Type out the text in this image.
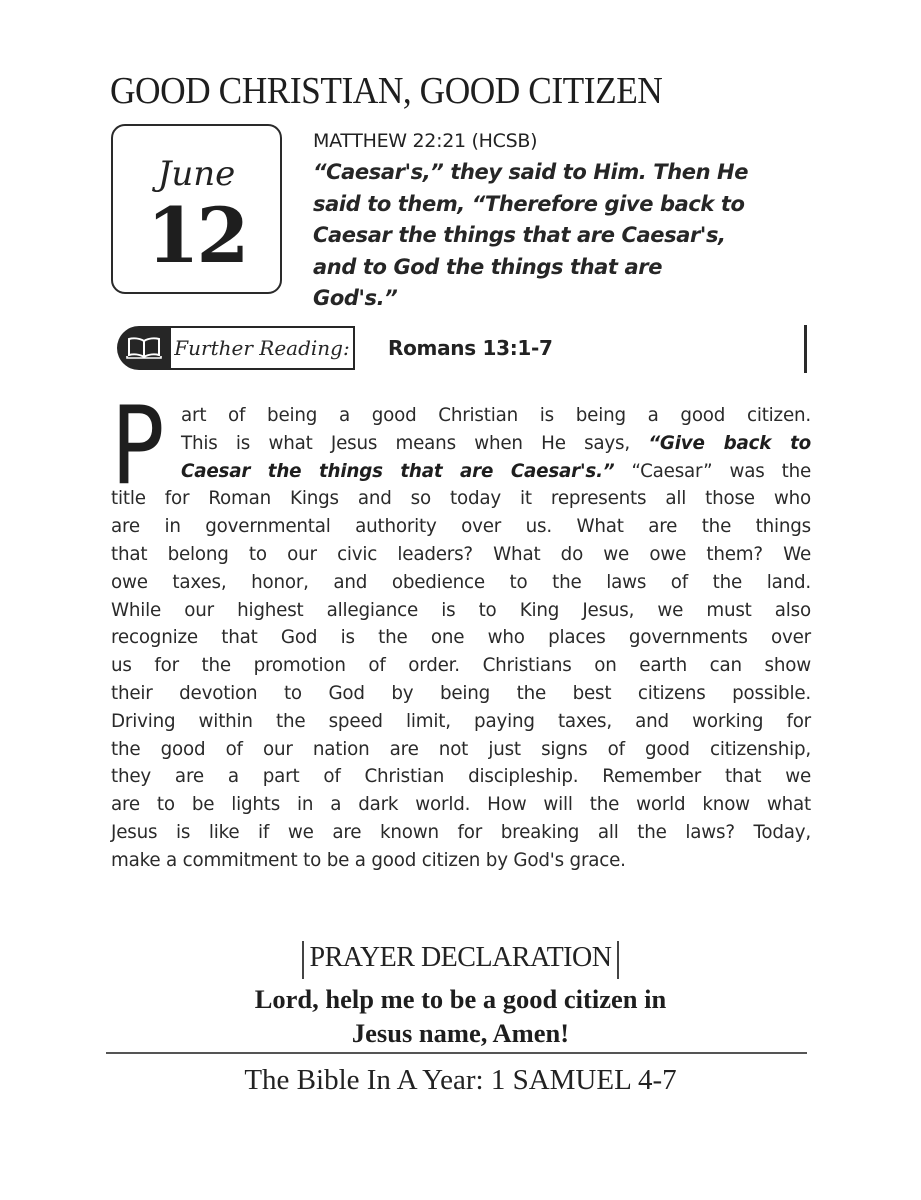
GOOD CHRISTIAN, GOOD CITIZEN
June
12
MATTHEW 22:21 (HCSB)
“Caesar's,” they said to Him. Then He
said to them, “Therefore give back to
Caesar the things that are Caesar's,
and to God the things that are
God's.”
Further Reading: Romans 13:1-7
P art of being a good Christian is being a good citizen.
This is what Jesus means when He says, “Give back to
Caesar the things that are Caesar's.” “Caesar” was the
title for Roman Kings and so today it represents all those who
are in governmental authority over us. What are the things
that belong to our civic leaders? What do we owe them? We
owe taxes, honor, and obedience to the laws of the land.
While our highest allegiance is to King Jesus, we must also
recognize that God is the one who places governments over
us for the promotion of order. Christians on earth can show
their devotion to God by being the best citizens possible.
Driving within the speed limit, paying taxes, and working for
the good of our nation are not just signs of good citizenship,
they are a part of Christian discipleship. Remember that we
are to be lights in a dark world. How will the world know what
Jesus is like if we are known for breaking all the laws? Today,
make a commitment to be a good citizen by God's grace.
PRAYER DECLARATION
Lord, help me to be a good citizen in
Jesus name, Amen!
The Bible In A Year: 1 SAMUEL 4-7
